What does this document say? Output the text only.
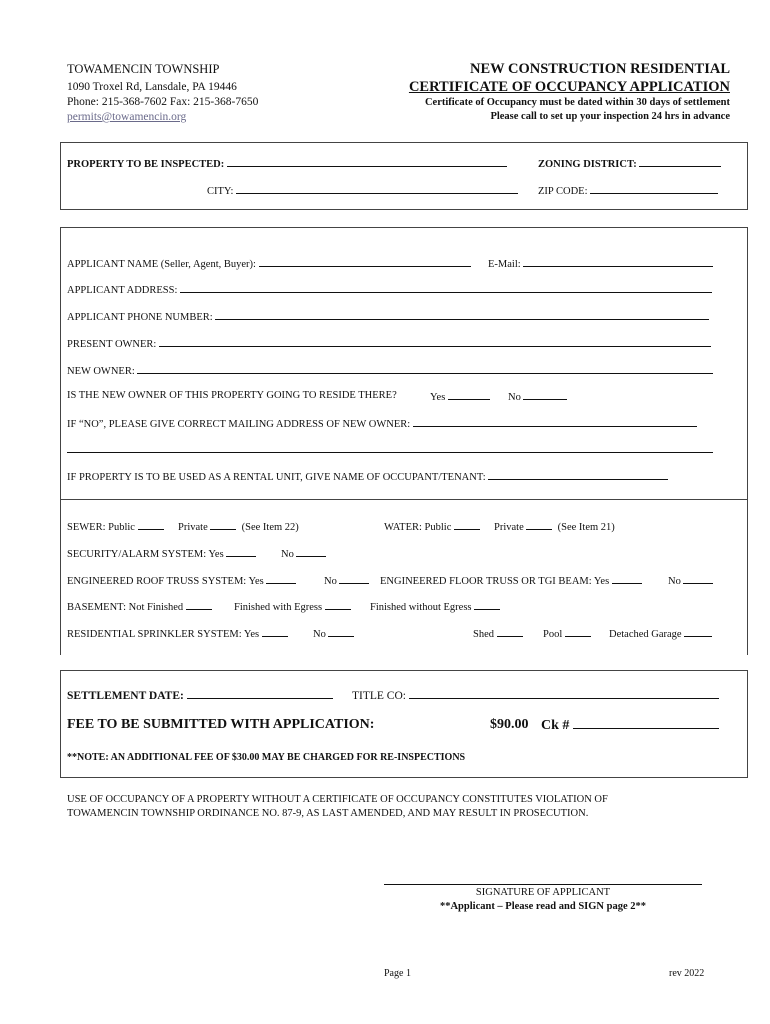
TOWAMENCIN TOWNSHIP
1090 Troxel Rd, Lansdale, PA 19446
Phone: 215-368-7602 Fax: 215-368-7650
permits@towamencin.org
NEW CONSTRUCTION RESIDENTIAL
CERTIFICATE OF OCCUPANCY APPLICATION
Certificate of Occupancy must be dated within 30 days of settlement
Please call to set up your inspection 24 hrs in advance
PROPERTY TO BE INSPECTED:	ZONING DISTRICT:
CITY:	ZIP CODE:
APPLICANT NAME (Seller, Agent, Buyer):	E-Mail:
APPLICANT ADDRESS:
APPLICANT PHONE NUMBER:
PRESENT OWNER:
NEW OWNER:
IS THE NEW OWNER OF THIS PROPERTY GOING TO RESIDE THERE?	Yes	No
IF “NO”, PLEASE GIVE CORRECT MAILING ADDRESS OF NEW OWNER:
IF PROPERTY IS TO BE USED AS A RENTAL UNIT, GIVE NAME OF OCCUPANT/TENANT:
SEWER: Public	Private	(See Item 22)	WATER: Public	Private	(See Item 21)
SECURITY/ALARM SYSTEM: Yes	No
ENGINEERED ROOF TRUSS SYSTEM: Yes	No	ENGINEERED FLOOR TRUSS OR TGI BEAM: Yes	No
BASEMENT: Not Finished	Finished with Egress	Finished without Egress
RESIDENTIAL SPRINKLER SYSTEM: Yes	No	Shed	Pool	Detached Garage
SETTLEMENT DATE:	TITLE CO:
FEE TO BE SUBMITTED WITH APPLICATION:	$90.00 Ck #
**NOTE: AN ADDITIONAL FEE OF $30.00 MAY BE CHARGED FOR RE-INSPECTIONS
USE OF OCCUPANCY OF A PROPERTY WITHOUT A CERTIFICATE OF OCCUPANCY CONSTITUTES VIOLATION OF
TOWAMENCIN TOWNSHIP ORDINANCE NO. 87-9, AS LAST AMENDED, AND MAY RESULT IN PROSECUTION.
SIGNATURE OF APPLICANT
**Applicant – Please read and SIGN page 2**
Page 1	rev 2022
